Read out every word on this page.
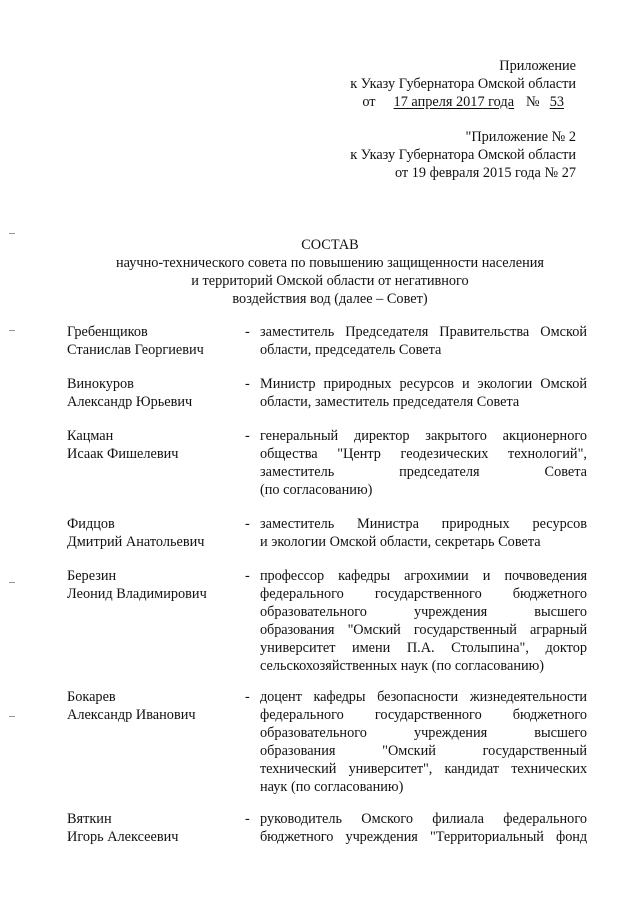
Приложение
к Указу Губернатора Омской области
от 17 апреля 2017 года № 53
"Приложение № 2
к Указу Губернатора Омской области
от 19 февраля 2015 года № 27
СОСТАВ
научно-технического совета по повышению защищенности населения
и территорий Омской области от негативного
воздействия вод (далее – Совет)
Гребенщиков
Станислав Георгиевич
- заместитель Председателя Правительства Омской
области, председатель Совета
Винокуров
Александр Юрьевич
- Министр природных ресурсов и экологии Омской
области, заместитель председателя Совета
Кацман
Исаак Фишелевич
- генеральный директор закрытого акционерного
общества "Центр геодезических технологий",
заместитель председателя Совета
(по согласованию)
Фидцов
Дмитрий Анатольевич
- заместитель Министра природных ресурсов
и экологии Омской области, секретарь Совета
Березин
Леонид Владимирович
- профессор кафедры агрохимии и почвоведения
федерального государственного бюджетного
образовательного учреждения высшего
образования "Омский государственный аграрный
университет имени П.А. Столыпина", доктор
сельскохозяйственных наук (по согласованию)
Бокарев
Александр Иванович
- доцент кафедры безопасности жизнедеятельности
федерального государственного бюджетного
образовательного учреждения высшего
образования "Омский государственный
технический университет", кандидат технических
наук (по согласованию)
Вяткин
Игорь Алексеевич
- руководитель Омского филиала федерального
бюджетного учреждения "Территориальный фонд
